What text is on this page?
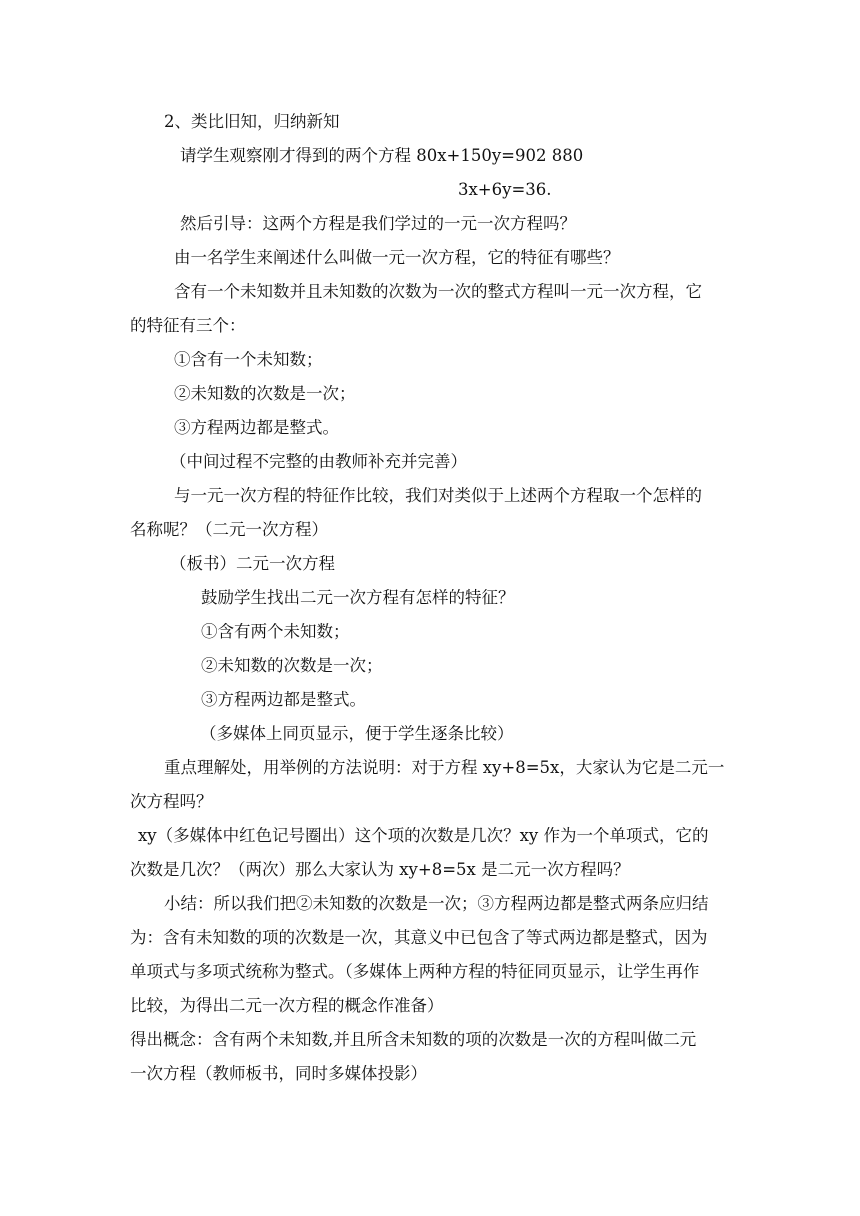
2、类比旧知，归纳新知
请学生观察刚才得到的两个方程 80x+150y=902 880
3x+6y=36.
然后引导：这两个方程是我们学过的一元一次方程吗？
由一名学生来阐述什么叫做一元一次方程，它的特征有哪些？
含有一个未知数并且未知数的次数为一次的整式方程叫一元一次方程，它
的特征有三个：
①含有一个未知数；
②未知数的次数是一次；
③方程两边都是整式。
（中间过程不完整的由教师补充并完善）
与一元一次方程的特征作比较，我们对类似于上述两个方程取一个怎样的
名称呢？（二元一次方程）
（板书）二元一次方程
鼓励学生找出二元一次方程有怎样的特征？
①含有两个未知数；
②未知数的次数是一次；
③方程两边都是整式。
（多媒体上同页显示，便于学生逐条比较）
重点理解处，用举例的方法说明：对于方程 xy+8=5x，大家认为它是二元一
次方程吗？
xy（多媒体中红色记号圈出）这个项的次数是几次？xy 作为一个单项式，它的
次数是几次？（两次）那么大家认为 xy+8=5x 是二元一次方程吗？
小结：所以我们把②未知数的次数是一次；③方程两边都是整式两条应归结
为：含有未知数的项的次数是一次，其意义中已包含了等式两边都是整式，因为
单项式与多项式统称为整式。（多媒体上两种方程的特征同页显示，让学生再作
比较，为得出二元一次方程的概念作准备）
得出概念：含有两个未知数,并且所含未知数的项的次数是一次的方程叫做二元
一次方程（教师板书，同时多媒体投影）
